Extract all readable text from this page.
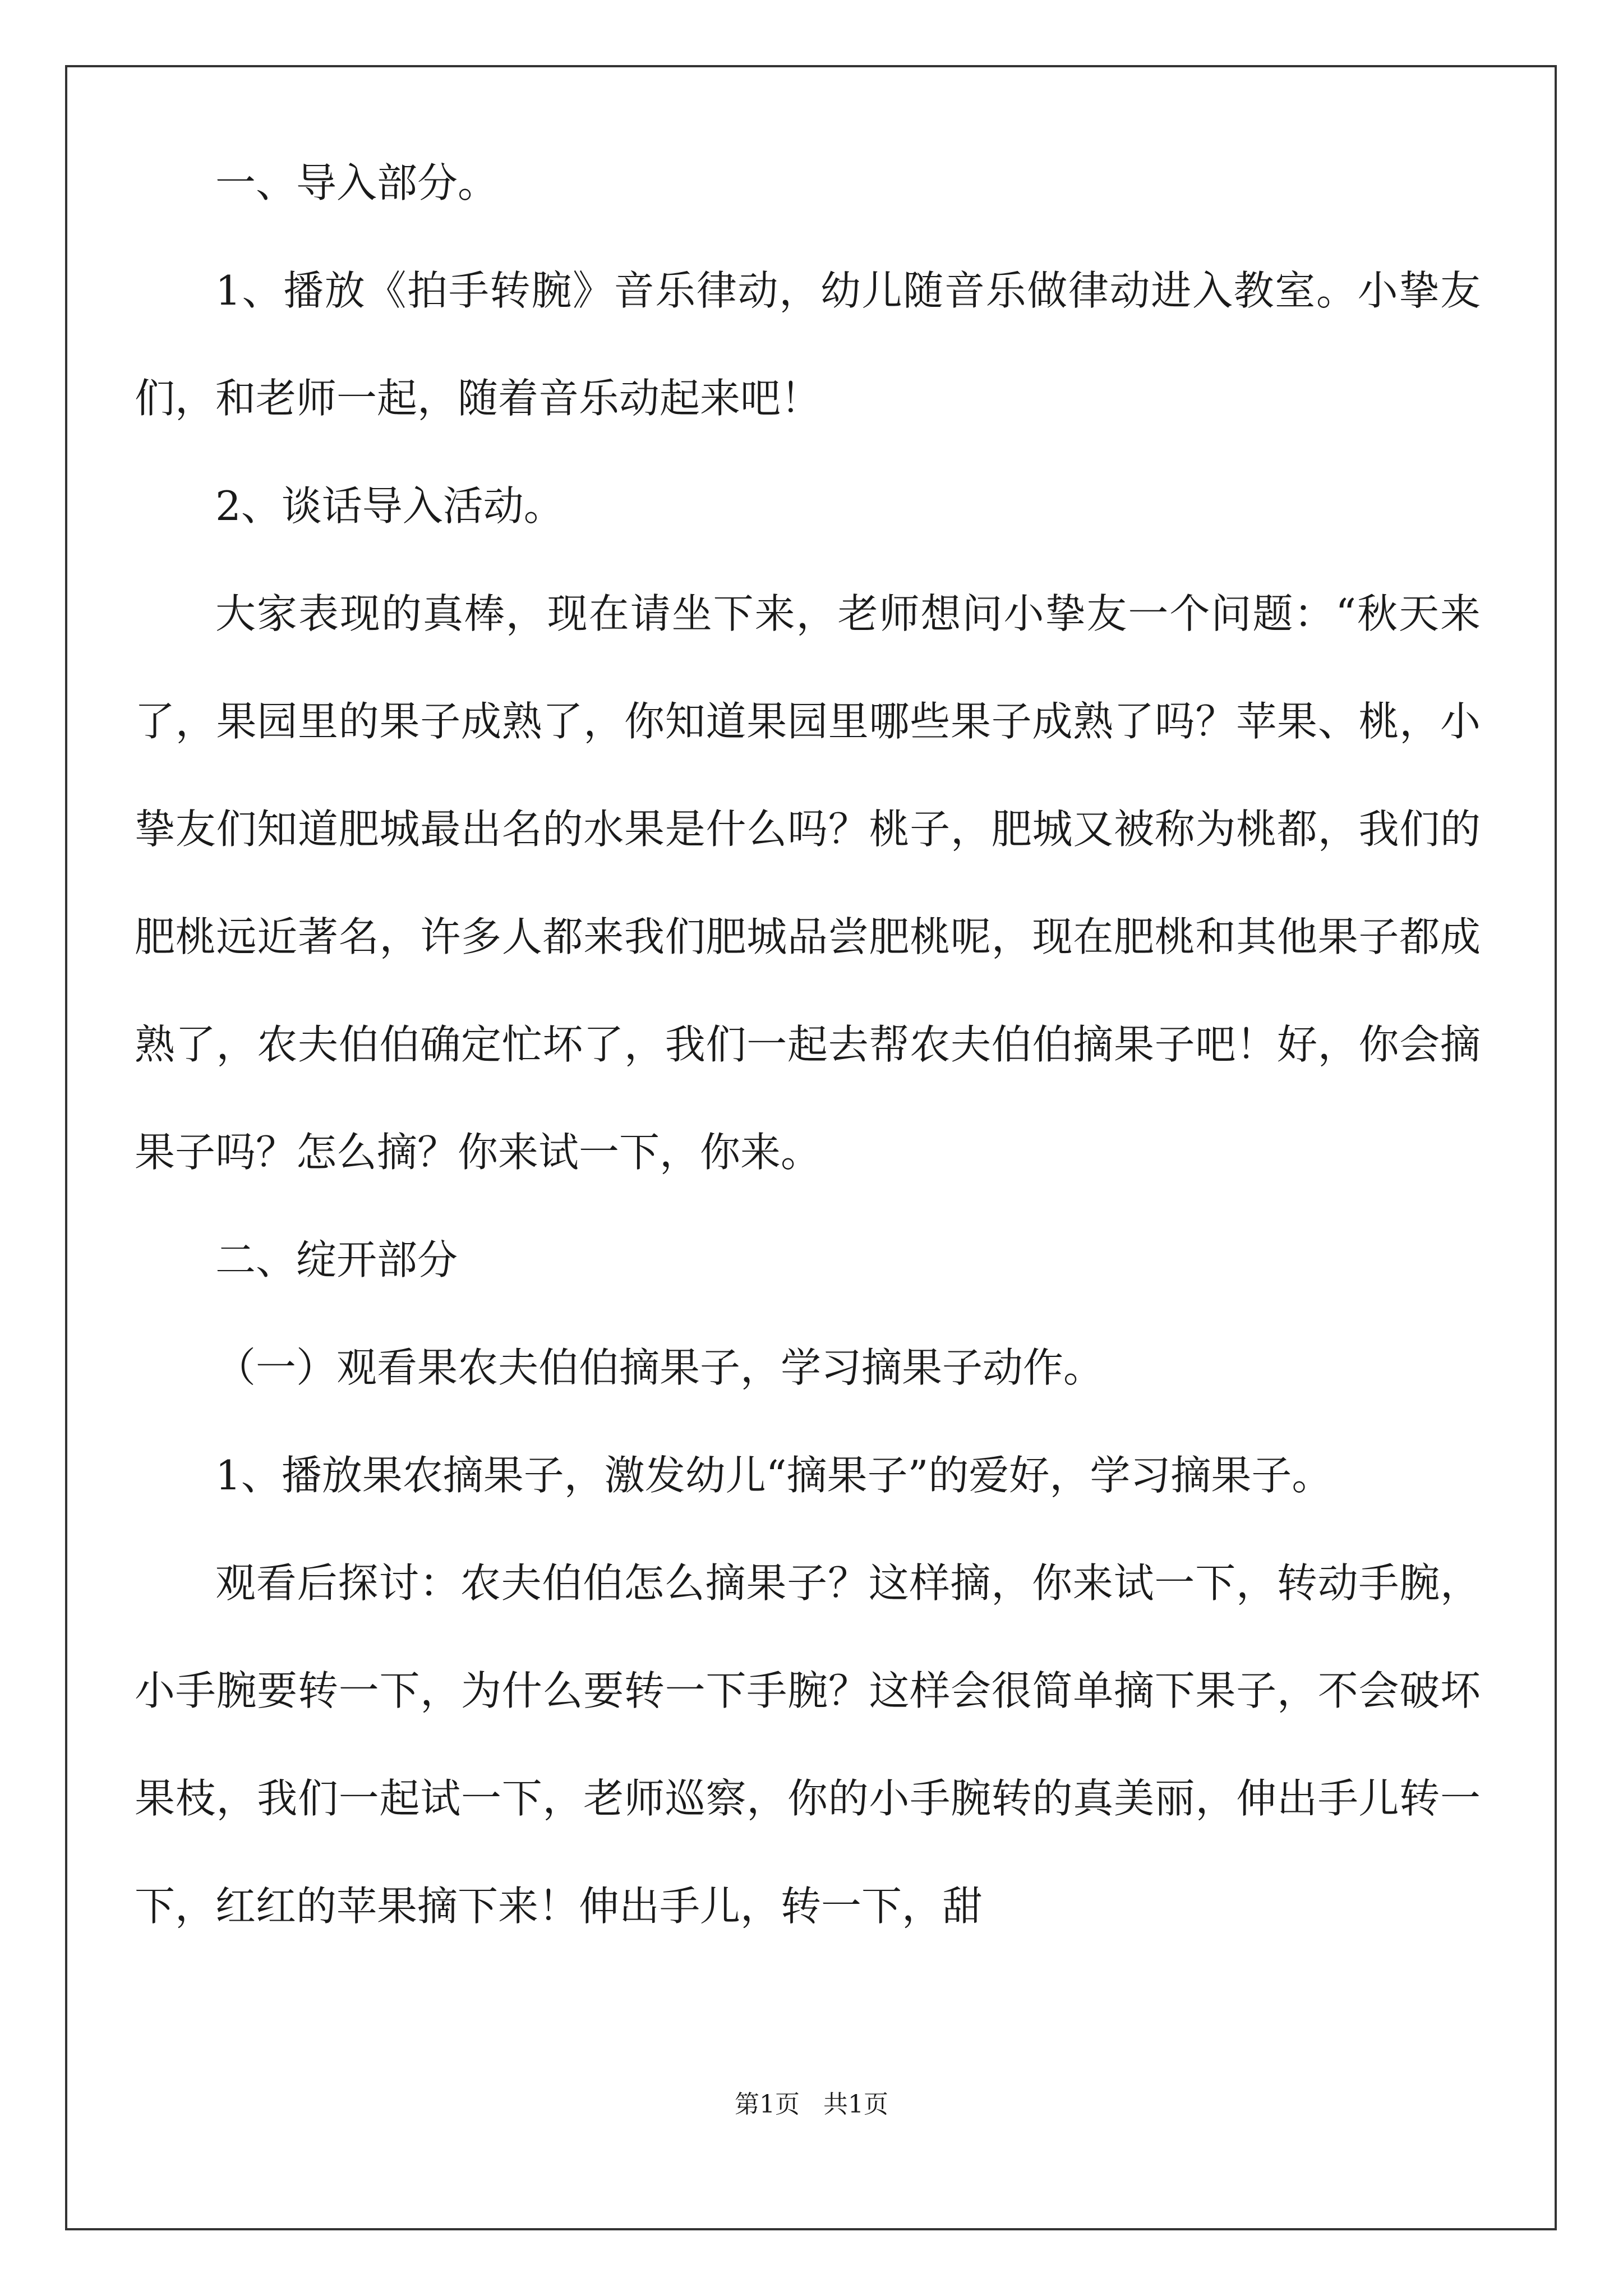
一、导入部分。

1、播放《拍手转腕》音乐律动，幼儿随音乐做律动进入教室。小挚友们，和老师一起，随着音乐动起来吧！

2、谈话导入活动。

大家表现的真棒，现在请坐下来，老师想问小挚友一个问题：“秋天来了，果园里的果子成熟了，你知道果园里哪些果子成熟了吗？苹果、桃，小挚友们知道肥城最出名的水果是什么吗？桃子，肥城又被称为桃都，我们的肥桃远近著名，许多人都来我们肥城品尝肥桃呢，现在肥桃和其他果子都成熟了，农夫伯伯确定忙坏了，我们一起去帮农夫伯伯摘果子吧！好，你会摘果子吗？怎么摘？你来试一下，你来。

二、绽开部分

（一）观看果农夫伯伯摘果子，学习摘果子动作。

1、播放果农摘果子，激发幼儿“摘果子”的爱好，学习摘果子。

观看后探讨：农夫伯伯怎么摘果子？这样摘，你来试一下，转动手腕，小手腕要转一下，为什么要转一下手腕？这样会很简单摘下果子，不会破坏果枝，我们一起试一下，老师巡察，你的小手腕转的真美丽，伸出手儿转一下，红红的苹果摘下来！伸出手儿，转一下，甜

第1页 共1页
